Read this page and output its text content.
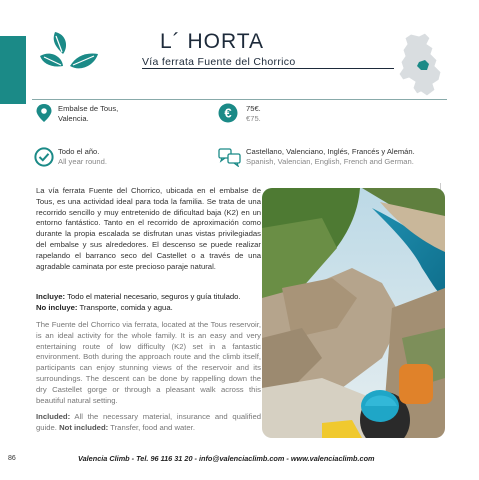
L´ HORTA
Vía ferrata Fuente del Chorrico
Embalse de Tous,
Valencia.	€ 75€.
€75.
Todo el año.
All year round.
Castellano, Valenciano, Inglés, Francés y Alemán.
Spanish, Valencian, English, French and German.
La vía ferrata Fuente del Chorrico, ubicada en el embalse de Tous, es una actividad ideal para toda la familia. Se trata de una recorrido sencillo y muy entretenido de dificultad baja (K2) en un entorno fantástico. Tanto en el recorrido de aproximación como durante la propia escalada se disfrutan unas vistas privilegiadas del embalse y sus alrededores. El descenso se puede realizar rapelando el barranco seco del Castellet o a través de una agradable caminata por este precioso paraje natural.
Incluye: Todo el material necesario, seguros y guía titulado.
No incluye: Transporte, comida y agua.
The Fuente del Chorrico via ferrata, located at the Tous reservoir, is an ideal activity for the whole family. It is an easy and very entertaining route of low difficulty (K2) set in a fantastic environment. Both during the approach route and the climb itself, participants can enjoy stunning views of the reservoir and its surroundings. The descent can be done by rappelling down the dry Castellet gorge or through a pleasant walk across this beautiful natural setting.
Included: All the necessary material, insurance and qualified guide. Not included: Transfer, food and water.
86	Valencia Climb - Tel. 96 116 31 20 - info@valenciaclimb.com - www.valenciaclimb.com
